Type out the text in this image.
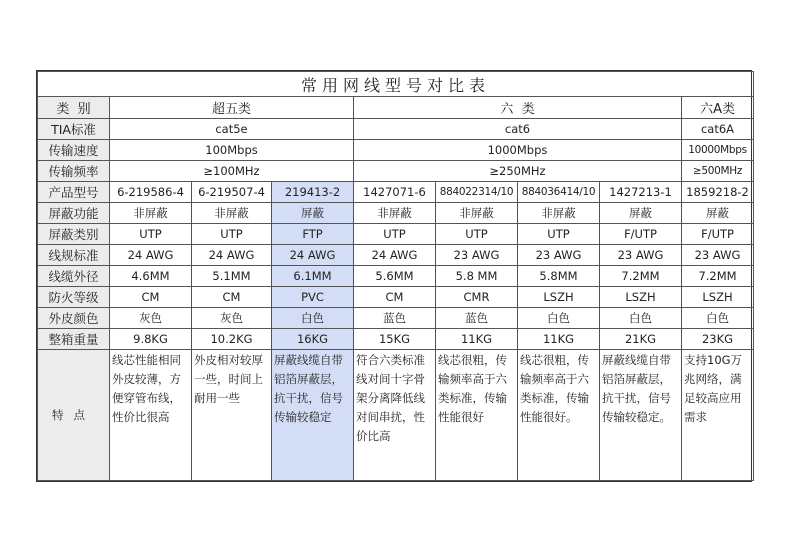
常用网线型号对比表								
类  别	超五类			六  类				六A类
TIA标准	cat5e			cat6				cat6A
传输速度	100Mbps			1000Mbps				10000Mbps
传输频率	≥100MHz			≥250MHz				≥500MHz
产品型号	6-219586-4	6-219507-4	219413-2	1427071-6	884022314/10	884036414/10	1427213-1	1859218-2
屏蔽功能	非屏蔽	非屏蔽	屏蔽	非屏蔽	非屏蔽	非屏蔽	屏蔽	屏蔽
屏蔽类别	UTP	UTP	FTP	UTP	UTP	UTP	F/UTP	F/UTP
线规标准	24 AWG	24 AWG	24 AWG	24 AWG	23 AWG	23 AWG	23 AWG	23 AWG
线缆外径	4.6MM	5.1MM	6.1MM	5.6MM	5.8 MM	5.8MM	7.2MM	7.2MM
防火等级	CM	CM	PVC	CM	CMR	LSZH	LSZH	LSZH
外皮颜色	灰色	灰色	白色	蓝色	蓝色	白色	白色	白色
整箱重量	9.8KG	10.2KG	16KG	15KG	11KG	11KG	21KG	23KG
特点	线芯性能相同外皮较薄，方便穿管布线，性价比很高	外皮相对较厚一些，时间上耐用一些	屏蔽线缆自带铝箔屏蔽层，抗干扰，信号传输较稳定	符合六类标准线对间十字骨架分离降低线对间串扰，性价比高	线芯很粗，传输频率高于六类标准，传输性能很好	线芯很粗，传输频率高于六类标准，传输性能很好。	屏蔽线缆自带铝箔屏蔽层，抗干扰，信号传输较稳定。	支持10G万兆网络，满足较高应用需求
